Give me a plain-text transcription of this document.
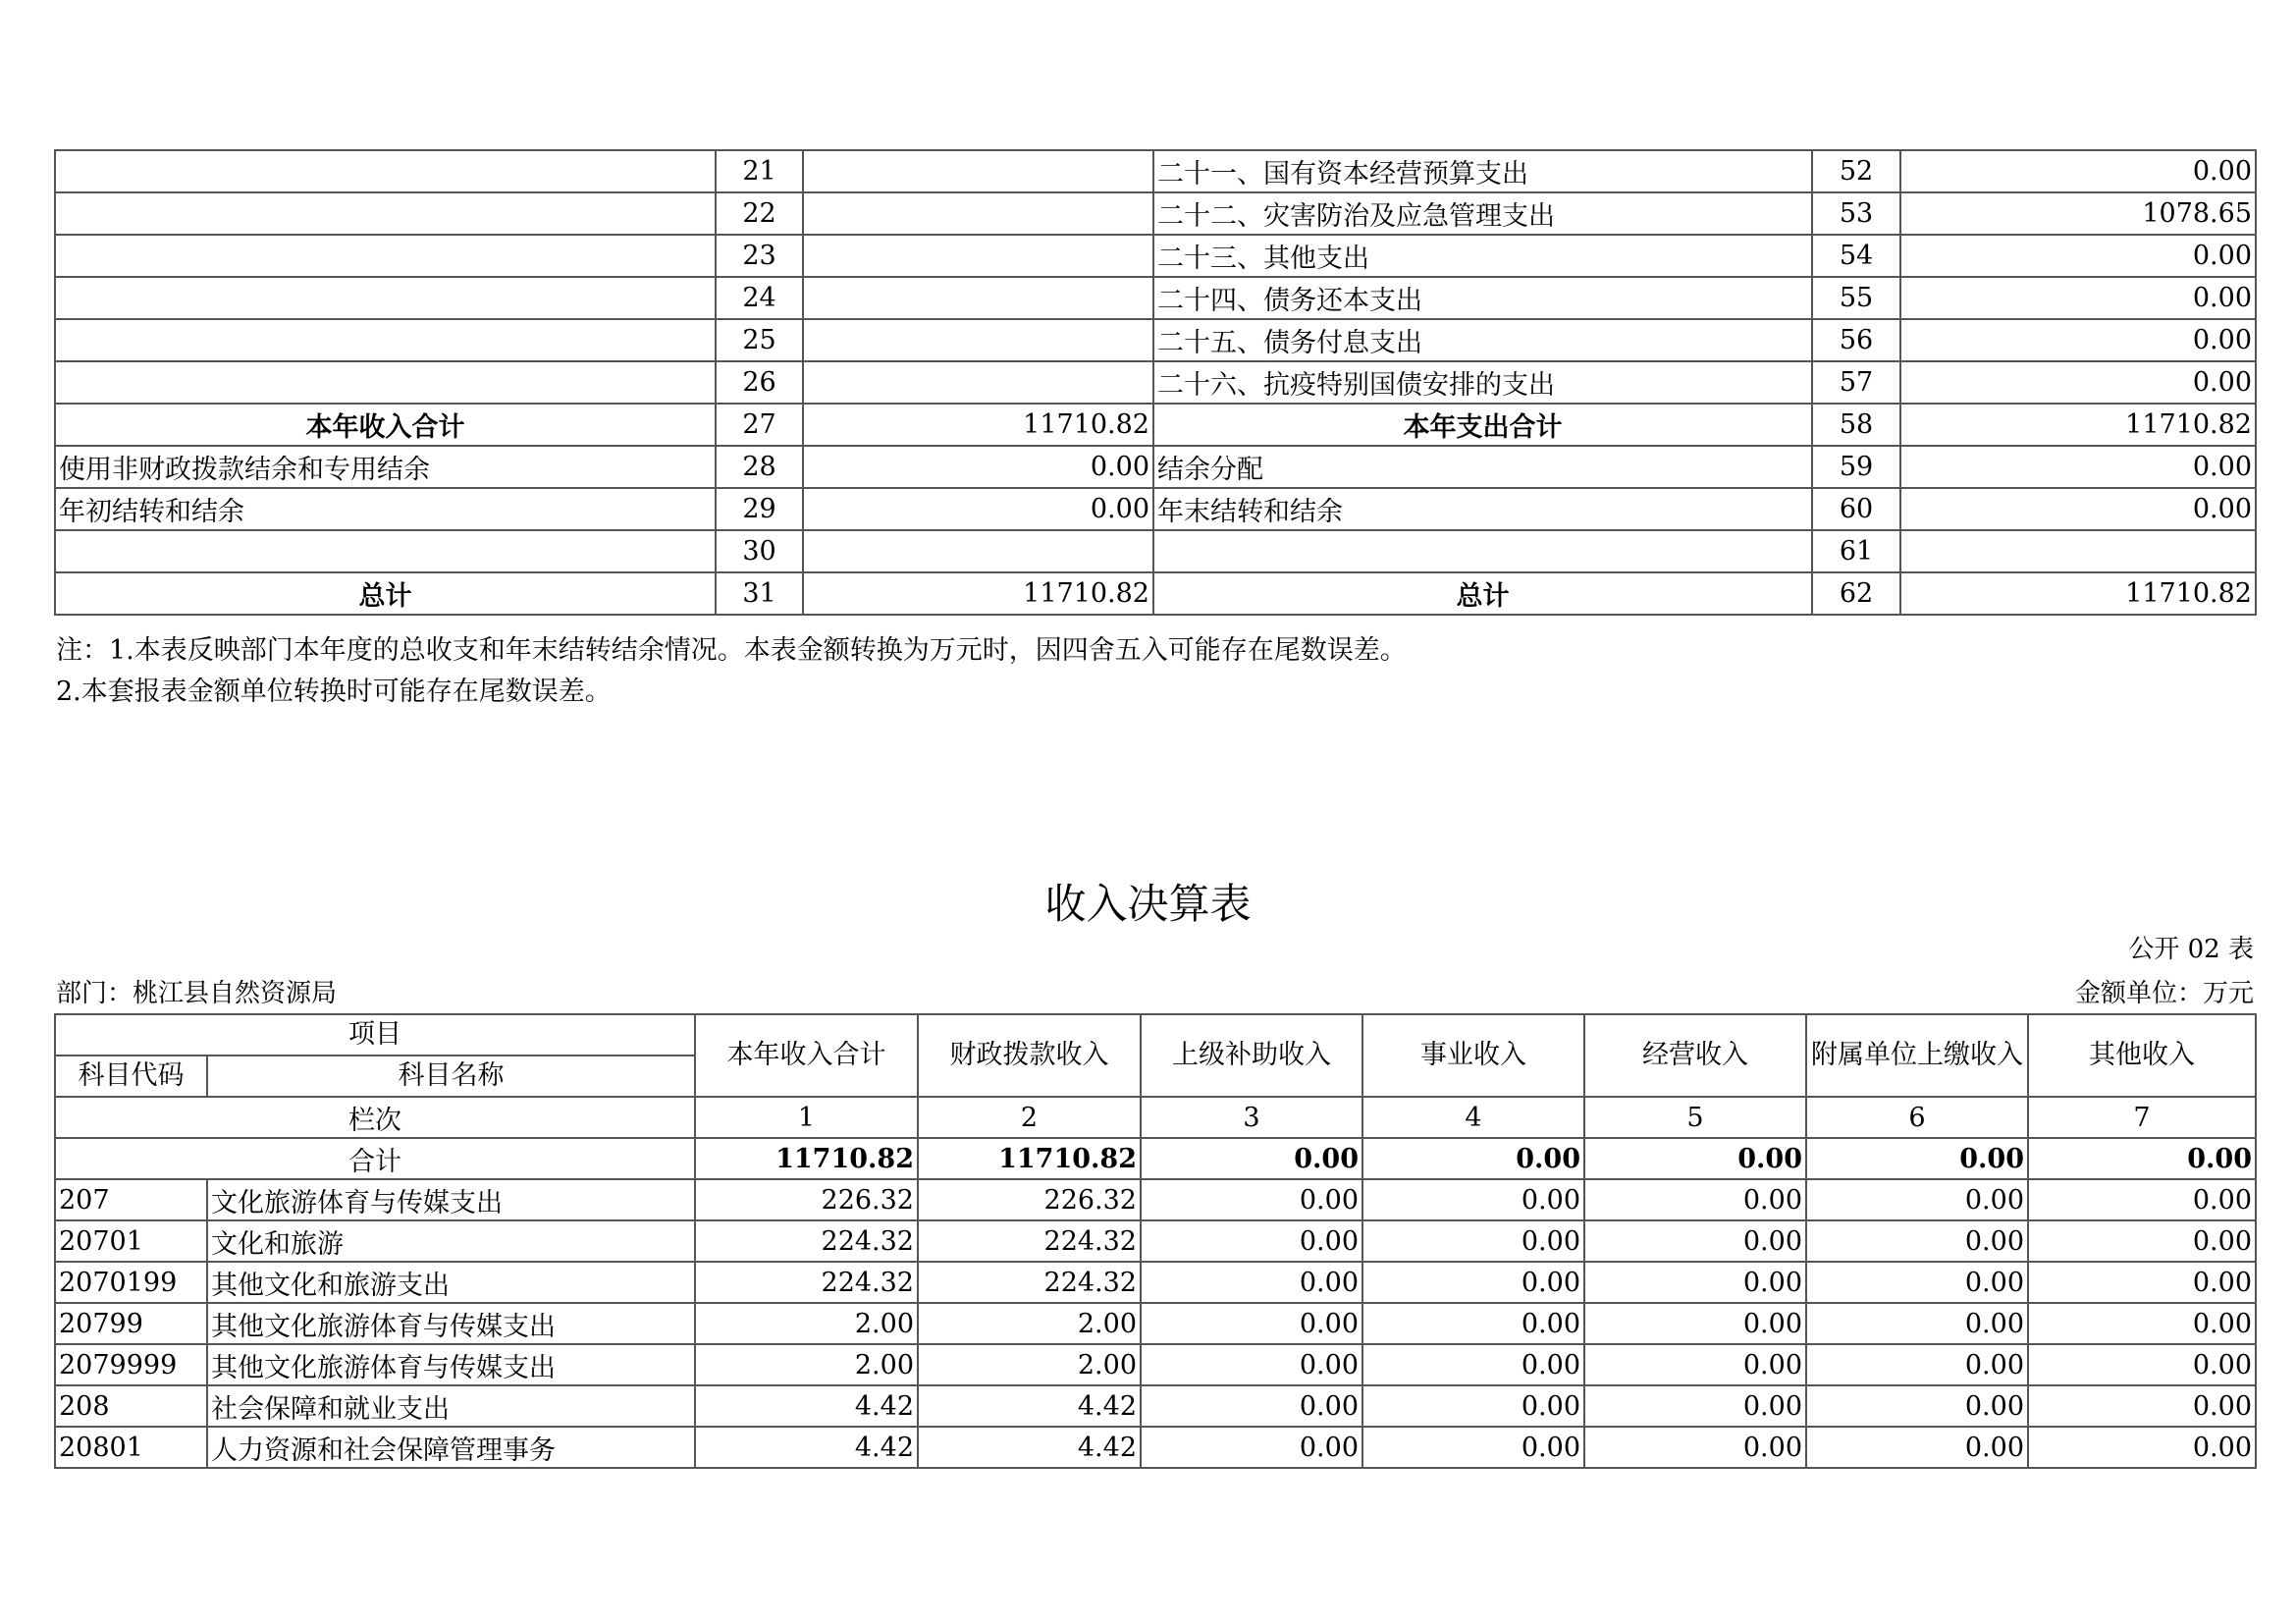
	21		二十一、国有资本经营预算支出	52	0.00
	22		二十二、灾害防治及应急管理支出	53	1078.65
	23		二十三、其他支出	54	0.00
	24		二十四、债务还本支出	55	0.00
	25		二十五、债务付息支出	56	0.00
	26		二十六、抗疫特别国债安排的支出	57	0.00
本年收入合计	27	11710.82	本年支出合计	58	11710.82
使用非财政拨款结余和专用结余	28	0.00	结余分配	59	0.00
年初结转和结余	29	0.00	年末结转和结余	60	0.00
	30			61	
总计	31	11710.82	总计	62	11710.82
注：1.本表反映部门本年度的总收支和年末结转结余情况。本表金额转换为万元时，因四舍五入可能存在尾数误差。
2.本套报表金额单位转换时可能存在尾数误差。
收入决算表
公开 02 表
部门：桃江县自然资源局	金额单位：万元
项目		本年收入合计	财政拨款收入	上级补助收入	事业收入	经营收入	附属单位上缴收入	其他收入
科目代码	科目名称							
栏次		1	2	3	4	5	6	7
合计		11710.82	11710.82	0.00	0.00	0.00	0.00	0.00
207	文化旅游体育与传媒支出	226.32	226.32	0.00	0.00	0.00	0.00	0.00
20701	文化和旅游	224.32	224.32	0.00	0.00	0.00	0.00	0.00
2070199	其他文化和旅游支出	224.32	224.32	0.00	0.00	0.00	0.00	0.00
20799	其他文化旅游体育与传媒支出	2.00	2.00	0.00	0.00	0.00	0.00	0.00
2079999	其他文化旅游体育与传媒支出	2.00	2.00	0.00	0.00	0.00	0.00	0.00
208	社会保障和就业支出	4.42	4.42	0.00	0.00	0.00	0.00	0.00
20801	人力资源和社会保障管理事务	4.42	4.42	0.00	0.00	0.00	0.00	0.00
